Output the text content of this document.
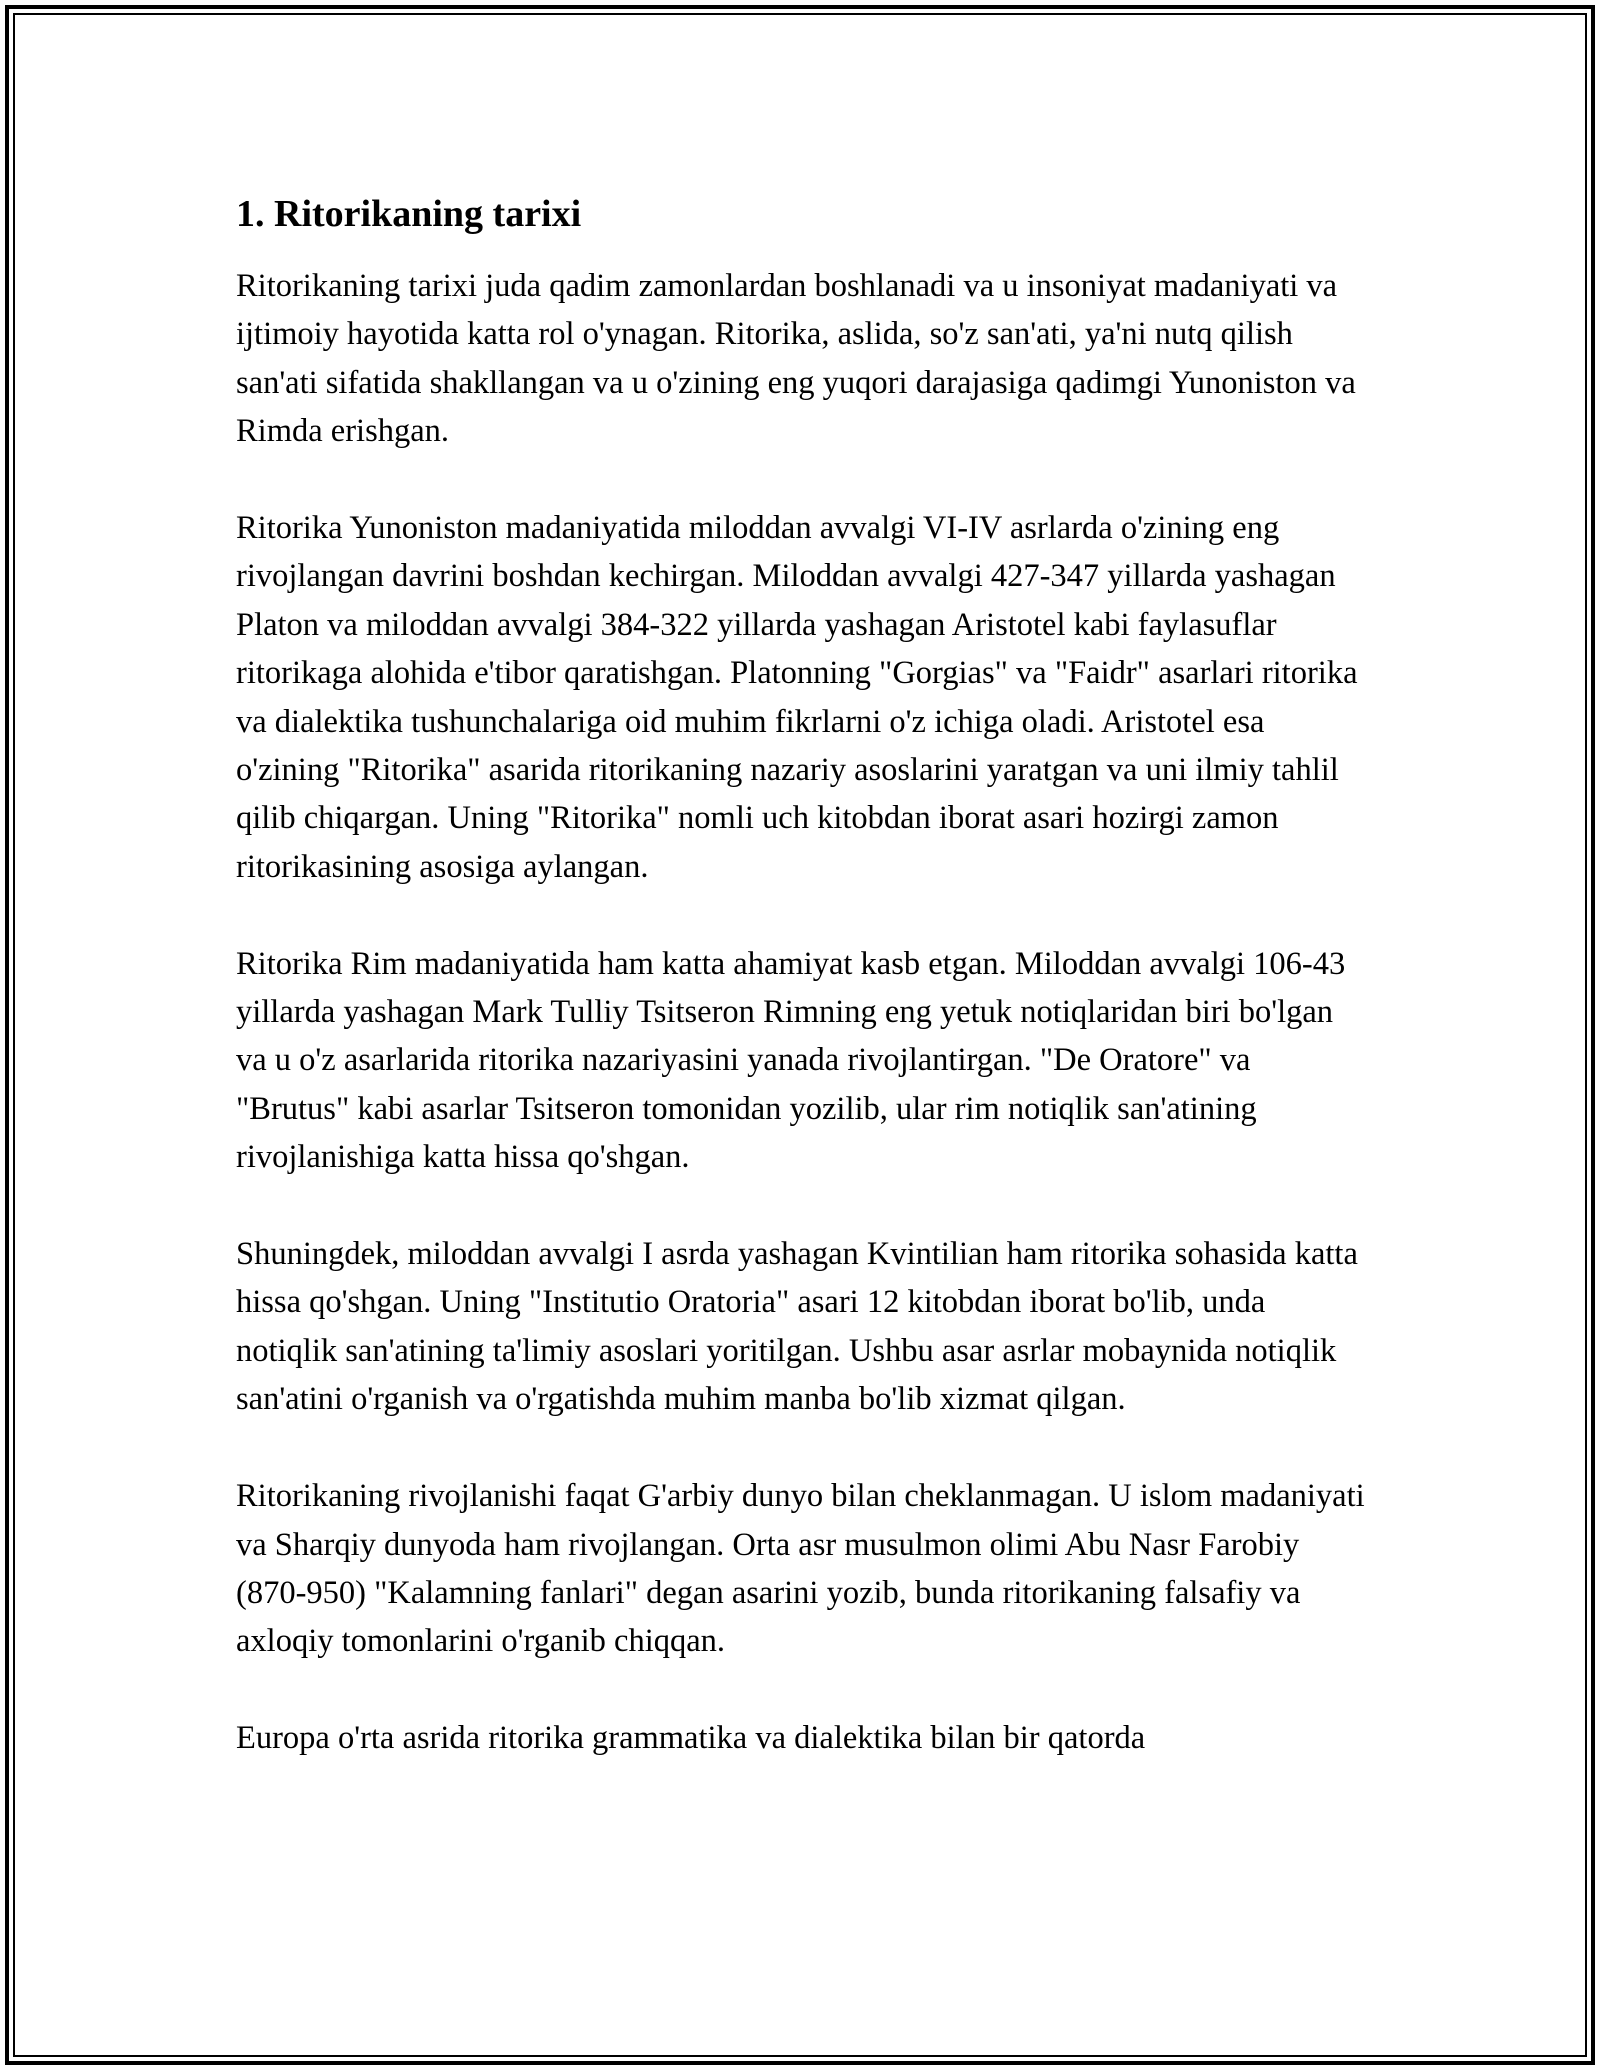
1. Ritorikaning tarixi

Ritorikaning tarixi juda qadim zamonlardan boshlanadi va u insoniyat madaniyati va ijtimoiy hayotida katta rol o'ynagan. Ritorika, aslida, so'z san'ati, ya'ni nutq qilish san'ati sifatida shakllangan va u o'zining eng yuqori darajasiga qadimgi Yunoniston va Rimda erishgan.

Ritorika Yunoniston madaniyatida miloddan avvalgi VI-IV asrlarda o'zining eng rivojlangan davrini boshdan kechirgan. Miloddan avvalgi 427-347 yillarda yashagan Platon va miloddan avvalgi 384-322 yillarda yashagan Aristotel kabi faylasuflar ritorikaga alohida e'tibor qaratishgan. Platonning "Gorgias" va "Faidr" asarlari ritorika va dialektika tushunchalariga oid muhim fikrlarni o'z ichiga oladi. Aristotel esa o'zining "Ritorika" asarida ritorikaning nazariy asoslarini yaratgan va uni ilmiy tahlil qilib chiqargan. Uning "Ritorika" nomli uch kitobdan iborat asari hozirgi zamon ritorikasining asosiga aylangan.

Ritorika Rim madaniyatida ham katta ahamiyat kasb etgan. Miloddan avvalgi 106-43 yillarda yashagan Mark Tulliy Tsitseron Rimning eng yetuk notiqlaridan biri bo'lgan va u o'z asarlarida ritorika nazariyasini yanada rivojlantirgan. "De Oratore" va "Brutus" kabi asarlar Tsitseron tomonidan yozilib, ular rim notiqlik san'atining rivojlanishiga katta hissa qo'shgan.

Shuningdek, miloddan avvalgi I asrda yashagan Kvintilian ham ritorika sohasida katta hissa qo'shgan. Uning "Institutio Oratoria" asari 12 kitobdan iborat bo'lib, unda notiqlik san'atining ta'limiy asoslari yoritilgan. Ushbu asar asrlar mobaynida notiqlik san'atini o'rganish va o'rgatishda muhim manba bo'lib xizmat qilgan.

Ritorikaning rivojlanishi faqat G'arbiy dunyo bilan cheklanmagan. U islom madaniyati va Sharqiy dunyoda ham rivojlangan. Orta asr musulmon olimi Abu Nasr Farobiy (870-950) "Kalamning fanlari" degan asarini yozib, bunda ritorikaning falsafiy va axloqiy tomonlarini o'rganib chiqqan.

Europa o'rta asrida ritorika grammatika va dialektika bilan bir qatorda
